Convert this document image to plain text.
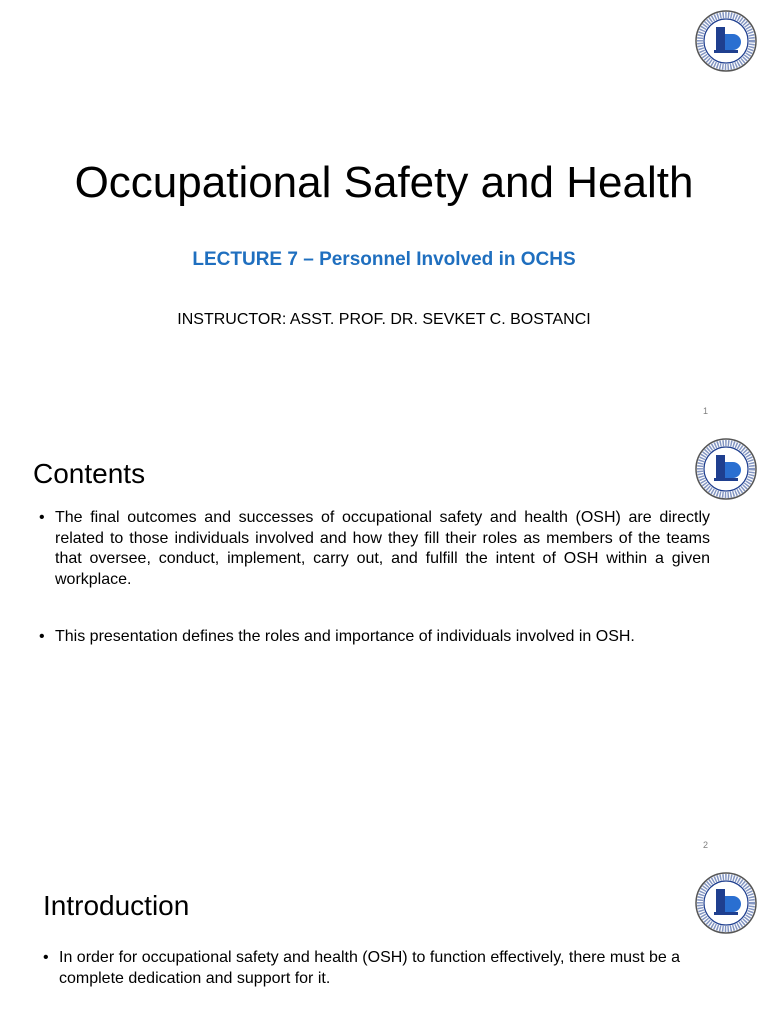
Occupational Safety and Health
LECTURE 7 – Personnel Involved in OCHS
INSTRUCTOR: ASST. PROF. DR. SEVKET C. BOSTANCI
1
Contents
• The final outcomes and successes of occupational safety and health (OSH) are directly related to those individuals involved and how they fill their roles as members of the teams that oversee, conduct, implement, carry out, and fulfill the intent of OSH within a given workplace.
• This presentation defines the roles and importance of individuals involved in OSH.
2
Introduction
• In order for occupational safety and health (OSH) to function effectively, there must be a complete dedication and support for it.
